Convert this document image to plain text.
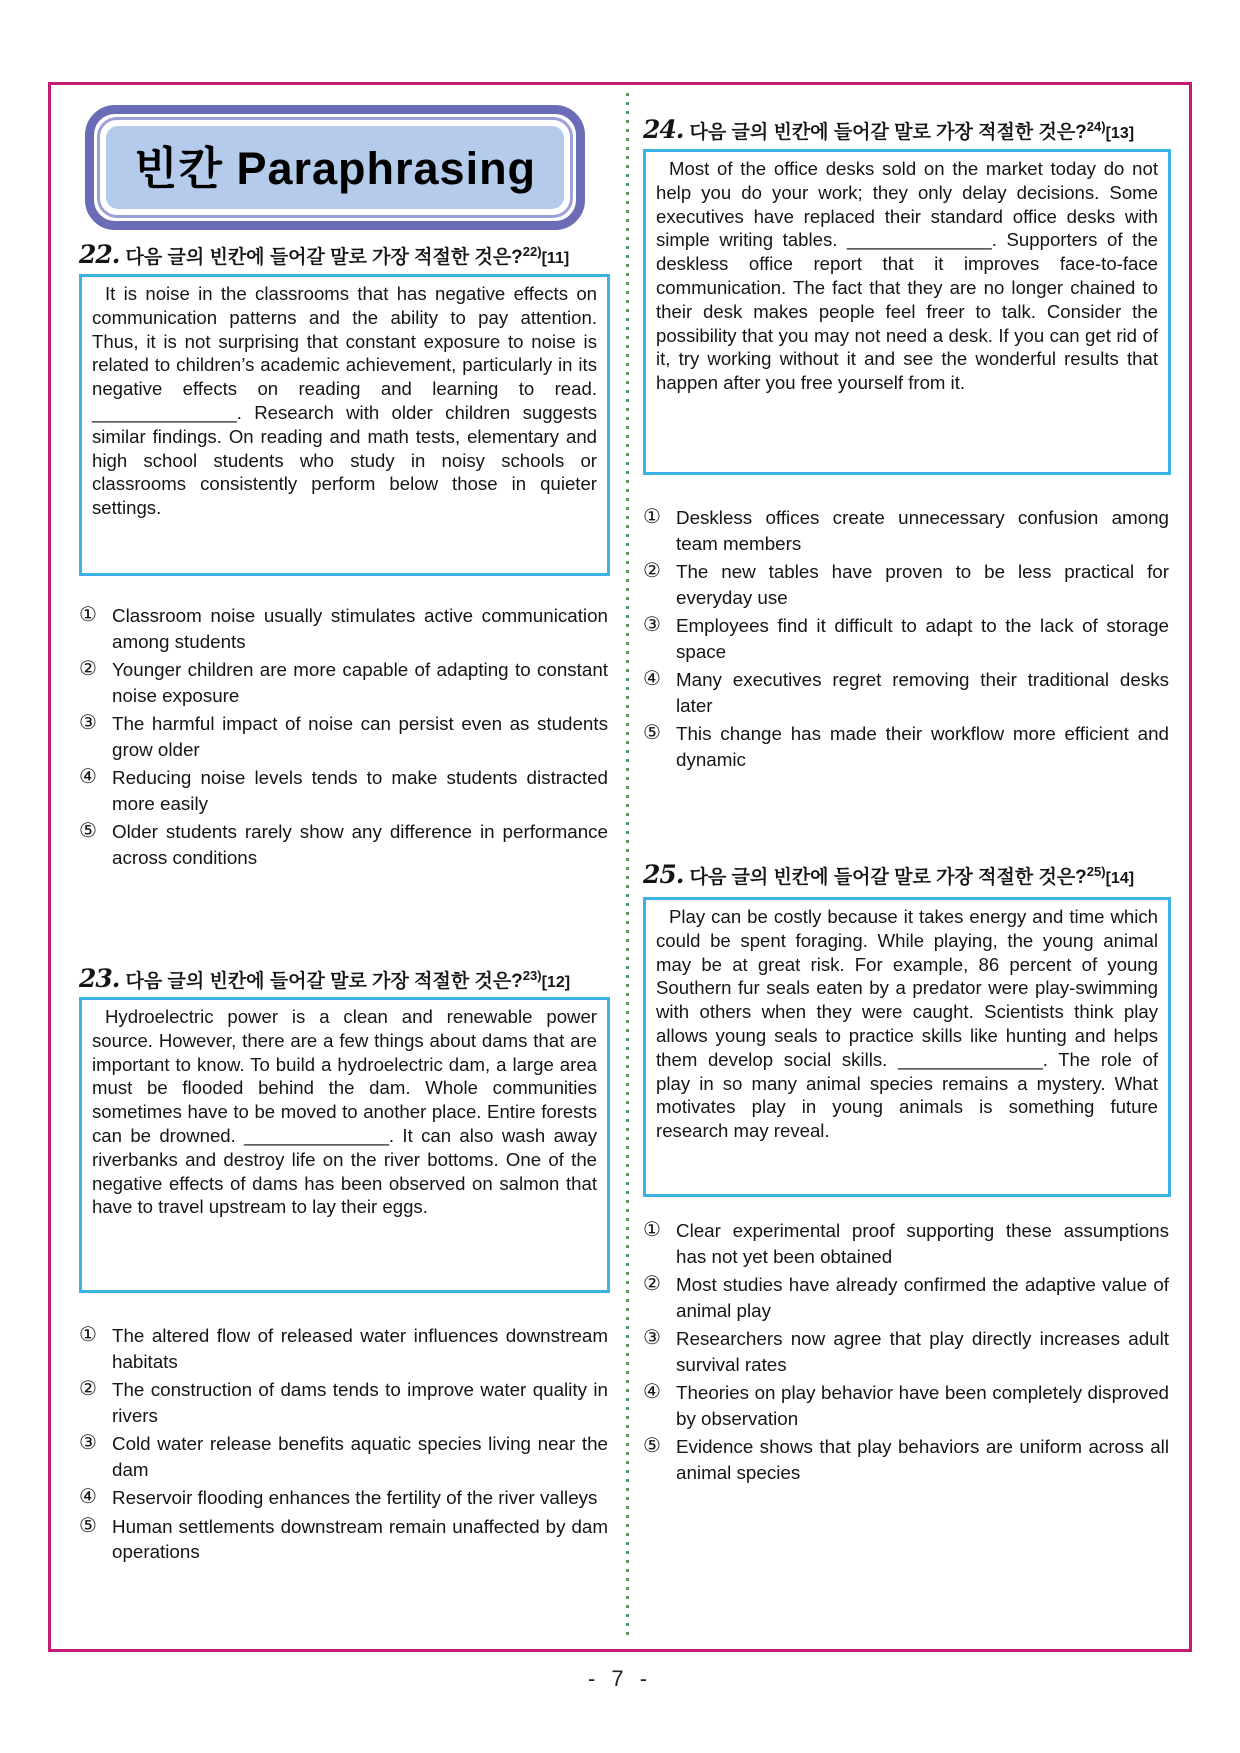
빈칸 Paraphrasing
22. 다음 글의 빈칸에 들어갈 말로 가장 적절한 것은?$^{22)}$[11]

It is noise in the classrooms that has negative effects on communication patterns and the ability to pay attention. Thus, it is not surprising that constant exposure to noise is related to children’s academic achievement, particularly in its negative effects on reading and learning to read. ______________. Research with older children suggests similar findings. On reading and math tests, elementary and high school students who study in noisy schools or classrooms consistently perform below those in quieter settings.

① Classroom noise usually stimulates active communication among students
② Younger children are more capable of adapting to constant noise exposure
③ The harmful impact of noise can persist even as students grow older
④ Reducing noise levels tends to make students distracted more easily
⑤ Older students rarely show any difference in performance across conditions
23. 다음 글의 빈칸에 들어갈 말로 가장 적절한 것은?$^{23)}$[12]

Hydroelectric power is a clean and renewable power source. However, there are a few things about dams that are important to know. To build a hydroelectric dam, a large area must be flooded behind the dam. Whole communities sometimes have to be moved to another place. Entire forests can be drowned. ______________. It can also wash away riverbanks and destroy life on the river bottoms. One of the negative effects of dams has been observed on salmon that have to travel upstream to lay their eggs.

① The altered flow of released water influences downstream habitats
② The construction of dams tends to improve water quality in rivers
③ Cold water release benefits aquatic species living near the dam
④ Reservoir flooding enhances the fertility of the river valleys
⑤ Human settlements downstream remain unaffected by dam operations
24. 다음 글의 빈칸에 들어갈 말로 가장 적절한 것은?$^{24)}$[13]

Most of the office desks sold on the market today do not help you do your work; they only delay decisions. Some executives have replaced their standard office desks with simple writing tables. ______________. Supporters of the deskless office report that it improves face-to-face communication. The fact that they are no longer chained to their desk makes people feel freer to talk. Consider the possibility that you may not need a desk. If you can get rid of it, try working without it and see the wonderful results that happen after you free yourself from it.

① Deskless offices create unnecessary confusion among team members
② The new tables have proven to be less practical for everyday use
③ Employees find it difficult to adapt to the lack of storage space
④ Many executives regret removing their traditional desks later
⑤ This change has made their workflow more efficient and dynamic
25. 다음 글의 빈칸에 들어갈 말로 가장 적절한 것은?$^{25)}$[14]

Play can be costly because it takes energy and time which could be spent foraging. While playing, the young animal may be at great risk. For example, 86 percent of young Southern fur seals eaten by a predator were play-swimming with others when they were caught. Scientists think play allows young seals to practice skills like hunting and helps them develop social skills. ______________. The role of play in so many animal species remains a mystery. What motivates play in young animals is something future research may reveal.

① Clear experimental proof supporting these assumptions has not yet been obtained
② Most studies have already confirmed the adaptive value of animal play
③ Researchers now agree that play directly increases adult survival rates
④ Theories on play behavior have been completely disproved by observation
⑤ Evidence shows that play behaviors are uniform across all animal species
- 7 -
